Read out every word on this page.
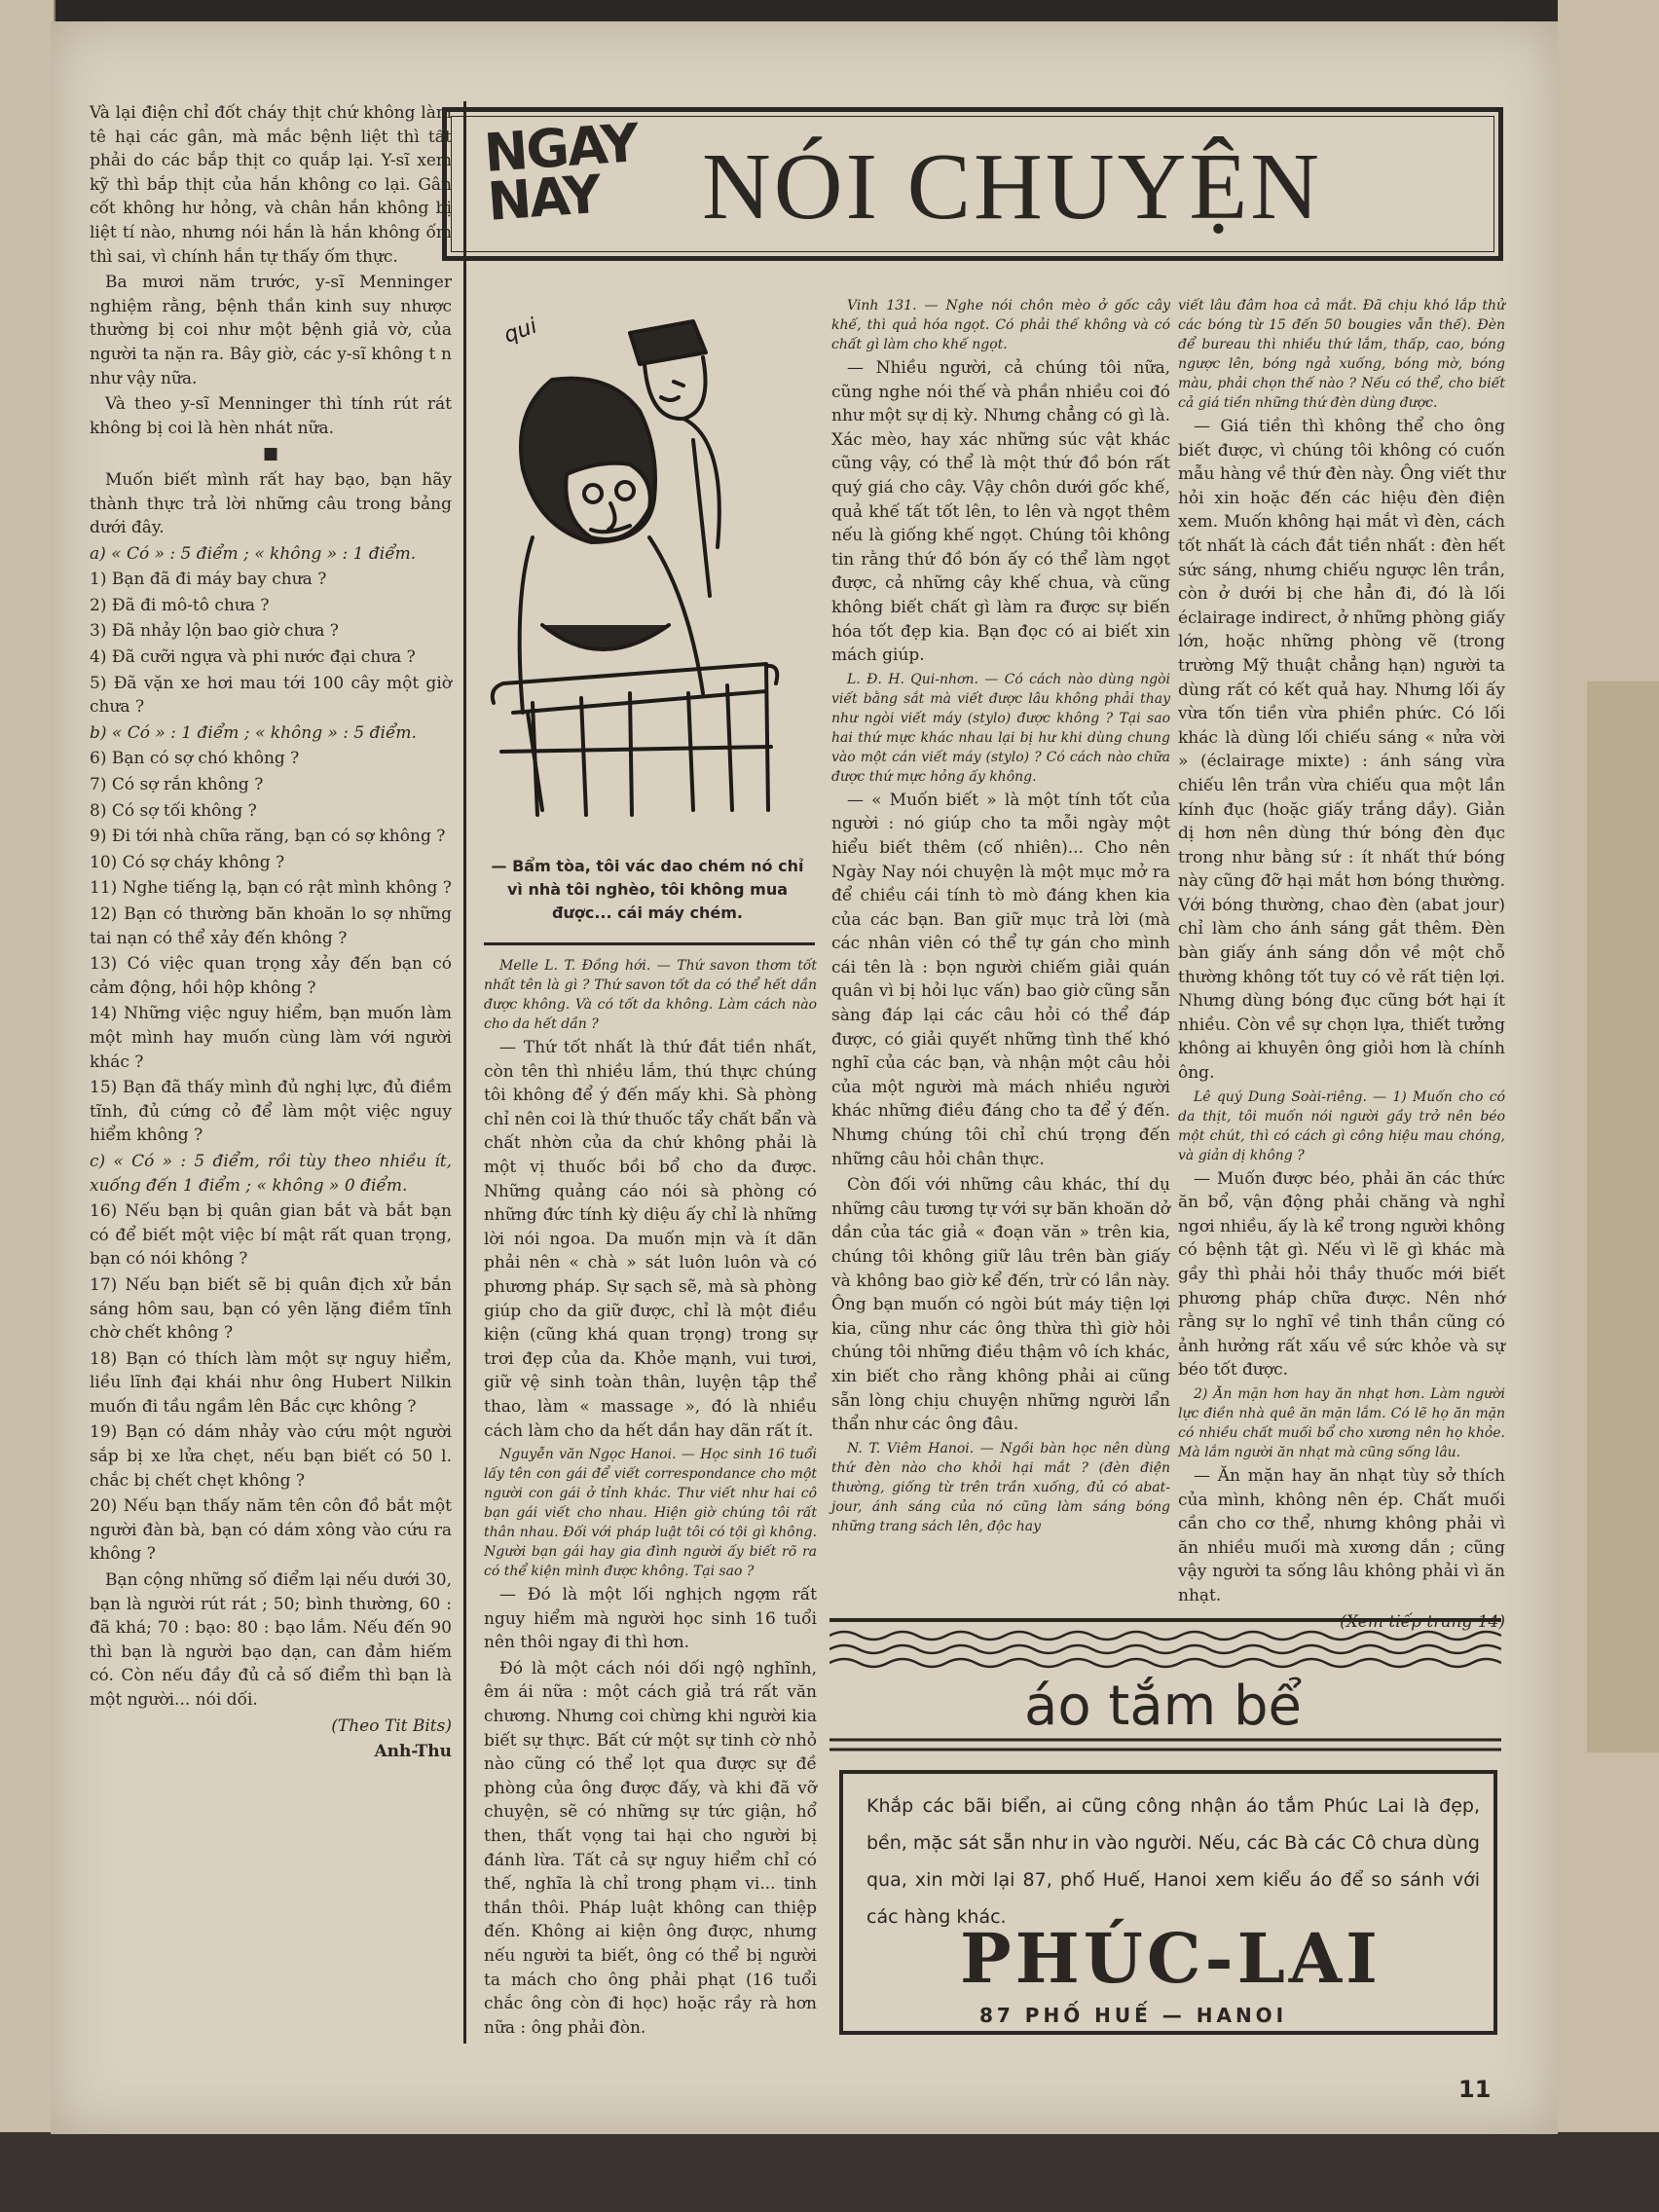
Và lại điện chỉ đốt cháy thịt chứ không làm tê hại các gân, mà mắc bệnh liệt thì tất phải do các bắp thịt co quắp lại. Y-sĩ xem kỹ thì bắp thịt của hắn không co lại. Gân cốt không hư hỏng, và chân hắn không bị liệt tí nào, nhưng nói hắn là hắn không ốm thì sai, vì chính hắn tự thấy ốm thực.

Ba mươi năm trước, y-sĩ Menninger nghiệm rằng, bệnh thần kinh suy nhược thường bị coi như một bệnh giả vờ, của người ta nặn ra. Bây giờ, các y-sĩ không t n như vậy nữa.

Và theo y-sĩ Menninger thì tính rút rát không bị coi là hèn nhát nữa.

■

Muốn biết mình rất hay bạo, bạn hãy thành thực trả lời những câu trong bảng dưới đây.

a) « Có » : 5 điểm ; « không » : 1 điểm.

1) Bạn đã đi máy bay chưa ?

2) Đã đi mô-tô chưa ?

3) Đã nhảy lộn bao giờ chưa ?

4) Đã cưỡi ngựa và phi nước đại chưa ?

5) Đã vặn xe hơi mau tới 100 cây một giờ chưa ?

b) « Có » : 1 điểm ; « không » : 5 điểm.

6) Bạn có sợ chó không ?

7) Có sợ rắn không ?

8) Có sợ tối không ?

9) Đi tới nhà chữa răng, bạn có sợ không ?

10) Có sợ cháy không ?

11) Nghe tiếng lạ, bạn có rật mình không ?

12) Bạn có thường băn khoăn lo sợ những tai nạn có thể xảy đến không ?

13) Có việc quan trọng xảy đến bạn có cảm động, hồi hộp không ?

14) Những việc nguy hiểm, bạn muốn làm một mình hay muốn cùng làm với người khác ?

15) Bạn đã thấy mình đủ nghị lực, đủ điềm tĩnh, đủ cứng cỏ để làm một việc nguy hiểm không ?

c) « Có » : 5 điểm, rồi tùy theo nhiều ít, xuống đến 1 điểm ; « không » 0 điểm.

16) Nếu bạn bị quân gian bắt và bắt bạn có để biết một việc bí mật rất quan trọng, bạn có nói không ?

17) Nếu bạn biết sẽ bị quân địch xử bắn sáng hôm sau, bạn có yên lặng điềm tĩnh chờ chết không ?

18) Bạn có thích làm một sự nguy hiểm, liều lĩnh đại khái như ông Hubert Nilkin muốn đi tầu ngầm lên Bắc cực không ?

19) Bạn có dám nhảy vào cứu một người sắp bị xe lửa chẹt, nếu bạn biết có 50 l. chắc bị chết chẹt không ?

20) Nếu bạn thấy năm tên côn đồ bắt một người đàn bà, bạn có dám xông vào cứu ra không ?

Bạn cộng những số điểm lại nếu dưới 30, bạn là người rút rát ; 50; bình thường, 60 : đã khá; 70 : bạo: 80 : bạo lắm. Nếu đến 90 thì bạn là người bạo dạn, can đảm hiếm có. Còn nếu đầy đủ cả số điểm thì bạn là một người... nói dối.

(Theo Tit Bits)

Anh-Thu

NGAY NAY	NÓI CHUYỆN
qui
— Bẩm tòa, tôi vác dao chém nó chỉ vì nhà tôi nghèo, tôi không mua được... cái máy chém.

Melle L. T. Đồng hới. — Thứ savon thơm tốt nhất tên là gì ? Thứ savon tốt da có thể hết dần được không. Và có tốt da không. Làm cách nào cho da hết dần ?

— Thứ tốt nhất là thứ đắt tiền nhất, còn tên thì nhiều lắm, thú thực chúng tôi không để ý đến mấy khi. Sà phòng chỉ nên coi là thứ thuốc tẩy chất bẩn và chất nhờn của da chứ không phải là một vị thuốc bồi bổ cho da được. Những quảng cáo nói sà phòng có những đức tính kỳ diệu ấy chỉ là những lời nói ngoa. Da muốn mịn và ít dãn phải nên « chà » sát luôn luôn và có phương pháp. Sự sạch sẽ, mà sà phòng giúp cho da giữ được, chỉ là một điều kiện (cũng khá quan trọng) trong sự trơi đẹp của da. Khỏe mạnh, vui tươi, giữ vệ sinh toàn thân, luyện tập thể thao, làm « massage », đó là nhiều cách làm cho da hết dần hay dãn rất ít.

Nguyễn văn Ngọc Hanoi. — Học sinh 16 tuổi lấy tên con gái để viết correspondance cho một người con gái ở tỉnh khác. Thư viết như hai cô bạn gái viết cho nhau. Hiện giờ chúng tôi rất thân nhau. Đối với pháp luật tôi có tội gì không. Người bạn gái hay gia đình người ấy biết rõ ra có thể kiện mình được không. Tại sao ?

— Đó là một lối nghịch ngợm rất nguy hiểm mà người học sinh 16 tuổi nên thôi ngay đi thì hơn.

Đó là một cách nói dối ngộ nghĩnh, êm ái nữa : một cách giả trá rất văn chương. Nhưng coi chừng khi người kia biết sự thực. Bất cứ một sự tinh cờ nhỏ nào cũng có thể lọt qua được sự đề phòng của ông được đấy, và khi đã vỡ chuyện, sẽ có những sự tức giận, hổ then, thất vọng tai hại cho người bị đánh lừa. Tất cả sự nguy hiểm chỉ có thế, nghĩa là chỉ trong phạm vi... tinh thần thôi. Pháp luật không can thiệp đến. Không ai kiện ông được, nhưng nếu người ta biết, ông có thể bị người ta mách cho ông phải phạt (16 tuổi chắc ông còn đi học) hoặc rầy rà hơn nữa : ông phải đòn.

Vinh 131. — Nghe nói chôn mèo ở gốc cây khế, thì quả hóa ngọt. Có phải thế không và có chất gì làm cho khế ngọt.

— Nhiều người, cả chúng tôi nữa, cũng nghe nói thế và phần nhiều coi đó như một sự dị kỳ. Nhưng chẳng có gì là. Xác mèo, hay xác những súc vật khác cũng vậy, có thể là một thứ đồ bón rất quý giá cho cây. Vậy chôn dưới gốc khế, quả khế tất tốt lên, to lên và ngọt thêm nếu là giống khế ngọt. Chúng tôi không tin rằng thứ đồ bón ấy có thể làm ngọt được, cả những cây khế chua, và cũng không biết chất gì làm ra được sự biến hóa tốt đẹp kia. Bạn đọc có ai biết xin mách giúp.

L. Đ. H. Qui-nhơn. — Có cách nào dùng ngòi viết bằng sắt mà viết được lâu không phải thay như ngòi viết máy (stylo) được không ? Tại sao hai thứ mực khác nhau lại bị hư khi dùng chung vào một cán viết máy (stylo) ? Có cách nào chữa được thứ mực hỏng ấy không.

— « Muốn biết » là một tính tốt của người : nó giúp cho ta mỗi ngày một hiểu biết thêm (cố nhiên)... Cho nên Ngày Nay nói chuyện là một mục mở ra để chiều cái tính tò mò đáng khen kia của các bạn. Ban giữ mục trả lời (mà các nhân viên có thể tự gán cho mình cái tên là : bọn người chiếm giải quán quân vì bị hỏi lục vấn) bao giờ cũng sẵn sàng đáp lại các câu hỏi có thể đáp được, có giải quyết những tình thế khó nghĩ của các bạn, và nhận một câu hỏi của một người mà mách nhiều người khác những điều đáng cho ta để ý đến. Nhưng chúng tôi chỉ chú trọng đến những câu hỏi chân thực.

Còn đối với những câu khác, thí dụ những câu tương tự với sự băn khoăn dở dần của tác giả « đoạn văn » trên kia, chúng tôi không giữ lâu trên bàn giấy và không bao giờ kể đến, trừ có lần này. Ông bạn muốn có ngòi bút máy tiện lợi kia, cũng như các ông thừa thì giờ hỏi chúng tôi những điều thậm vô ích khác, xin biết cho rằng không phải ai cũng sẵn lòng chịu chuyện những người lẩn thẩn như các ông đâu.

N. T. Viêm Hanoi. — Ngồi bàn học nên dùng thứ đèn nào cho khỏi hại mắt ? (đèn điện thường, giống từ trên trần xuống, đủ có abat-jour, ánh sáng của nó cũng làm sáng bóng những trang sách lên, độc hay

viết lâu đâm hoa cả mắt. Đã chịu khó lắp thử các bóng từ 15 đến 50 bougies vẫn thế). Đèn để bureau thì nhiều thứ lắm, thấp, cao, bóng ngược lên, bóng ngả xuống, bóng mờ, bóng màu, phải chọn thế nào ? Nếu có thể, cho biết cả giá tiền những thứ đèn dùng được.

— Giá tiền thì không thể cho ông biết được, vì chúng tôi không có cuốn mẫu hàng về thứ đèn này. Ông viết thư hỏi xin hoặc đến các hiệu đèn điện xem. Muốn không hại mắt vì đèn, cách tốt nhất là cách đắt tiền nhất : đèn hết sức sáng, nhưng chiếu ngược lên trần, còn ở dưới bị che hẳn đi, đó là lối éclairage indirect, ở những phòng giấy lớn, hoặc những phòng vẽ (trong trường Mỹ thuật chẳng hạn) người ta dùng rất có kết quả hay. Nhưng lối ấy vừa tốn tiền vừa phiền phức. Có lối khác là dùng lối chiếu sáng « nửa vời » (éclairage mixte) : ánh sáng vừa chiếu lên trần vừa chiếu qua một lần kính đục (hoặc giấy trắng dầy). Giản dị hơn nên dùng thứ bóng đèn đục trong như bằng sứ : ít nhất thứ bóng này cũng đỡ hại mắt hơn bóng thường. Với bóng thường, chao đèn (abat jour) chỉ làm cho ánh sáng gắt thêm. Đèn bàn giấy ánh sáng dồn về một chỗ thường không tốt tuy có vẻ rất tiện lợi. Nhưng dùng bóng đục cũng bớt hại ít nhiều. Còn về sự chọn lựa, thiết tưởng không ai khuyên ông giỏi hơn là chính ông.

Lê quý Dung Soài-riêng. — 1) Muốn cho có da thịt, tôi muốn nói người gầy trở nên béo một chút, thì có cách gì công hiệu mau chóng, và giản dị không ?

— Muốn được béo, phải ăn các thức ăn bổ, vận động phải chăng và nghỉ ngơi nhiều, ấy là kể trong người không có bệnh tật gì. Nếu vì lẽ gì khác mà gầy thì phải hỏi thầy thuốc mới biết phương pháp chữa được. Nên nhớ rằng sự lo nghĩ về tinh thần cũng có ảnh hưởng rất xấu về sức khỏe và sự béo tốt được.

2) Ăn mặn hơn hay ăn nhạt hơn. Làm người lực điền nhà quê ăn mặn lắm. Có lẽ họ ăn mặn có nhiều chất muối bổ cho xương nên họ khỏe. Mà lắm người ăn nhạt mà cũng sống lâu.

— Ăn mặn hay ăn nhạt tùy sở thích của mình, không nên ép. Chất muối cần cho cơ thể, nhưng không phải vì ăn nhiều muối mà xương dắn ; cũng vậy người ta sống lâu không phải vì ăn nhạt.

(Xem tiếp trang 14)

áo tắm bể
Khắp các bãi biển, ai cũng công nhận áo tắm Phúc Lai là đẹp, bền, mặc sát sẵn như in vào người. Nếu, các Bà các Cô chưa dùng qua, xin mời lại 87, phố Huế, Hanoi xem kiểu áo để so sánh với các hàng khác.
PHÚC-LAI
87 PHỐ HUẾ — HANOI
11
